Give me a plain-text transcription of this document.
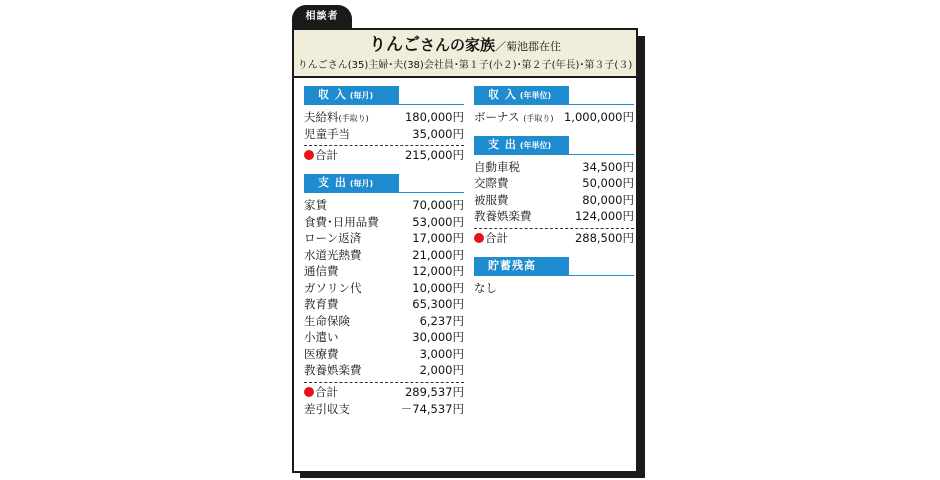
相談者
りんごさんの家族／菊池郡在住
りんごさん(35)主婦･夫(38)会社員･第１子(小２)･第２子(年長)･第３子(３)
収 入 (毎月)
夫給料(手取り)	180,000円
児童手当	35,000円
合計	215,000円
支 出 (毎月)
家賃	70,000円
食費･日用品費	53,000円
ローン返済	17,000円
水道光熱費	21,000円
通信費	12,000円
ガソリン代	10,000円
教育費	65,300円
生命保険	6,237円
小遣い	30,000円
医療費	3,000円
教養娯楽費	2,000円
合計	289,537円
差引収支	－74,537円
収 入 (年単位)
ボーナス (手取り) 1,000,000円
支 出 (年単位)
自動車税	34,500円
交際費	50,000円
被服費	80,000円
教養娯楽費	124,000円
合計	288,500円
貯蓄残高
なし
